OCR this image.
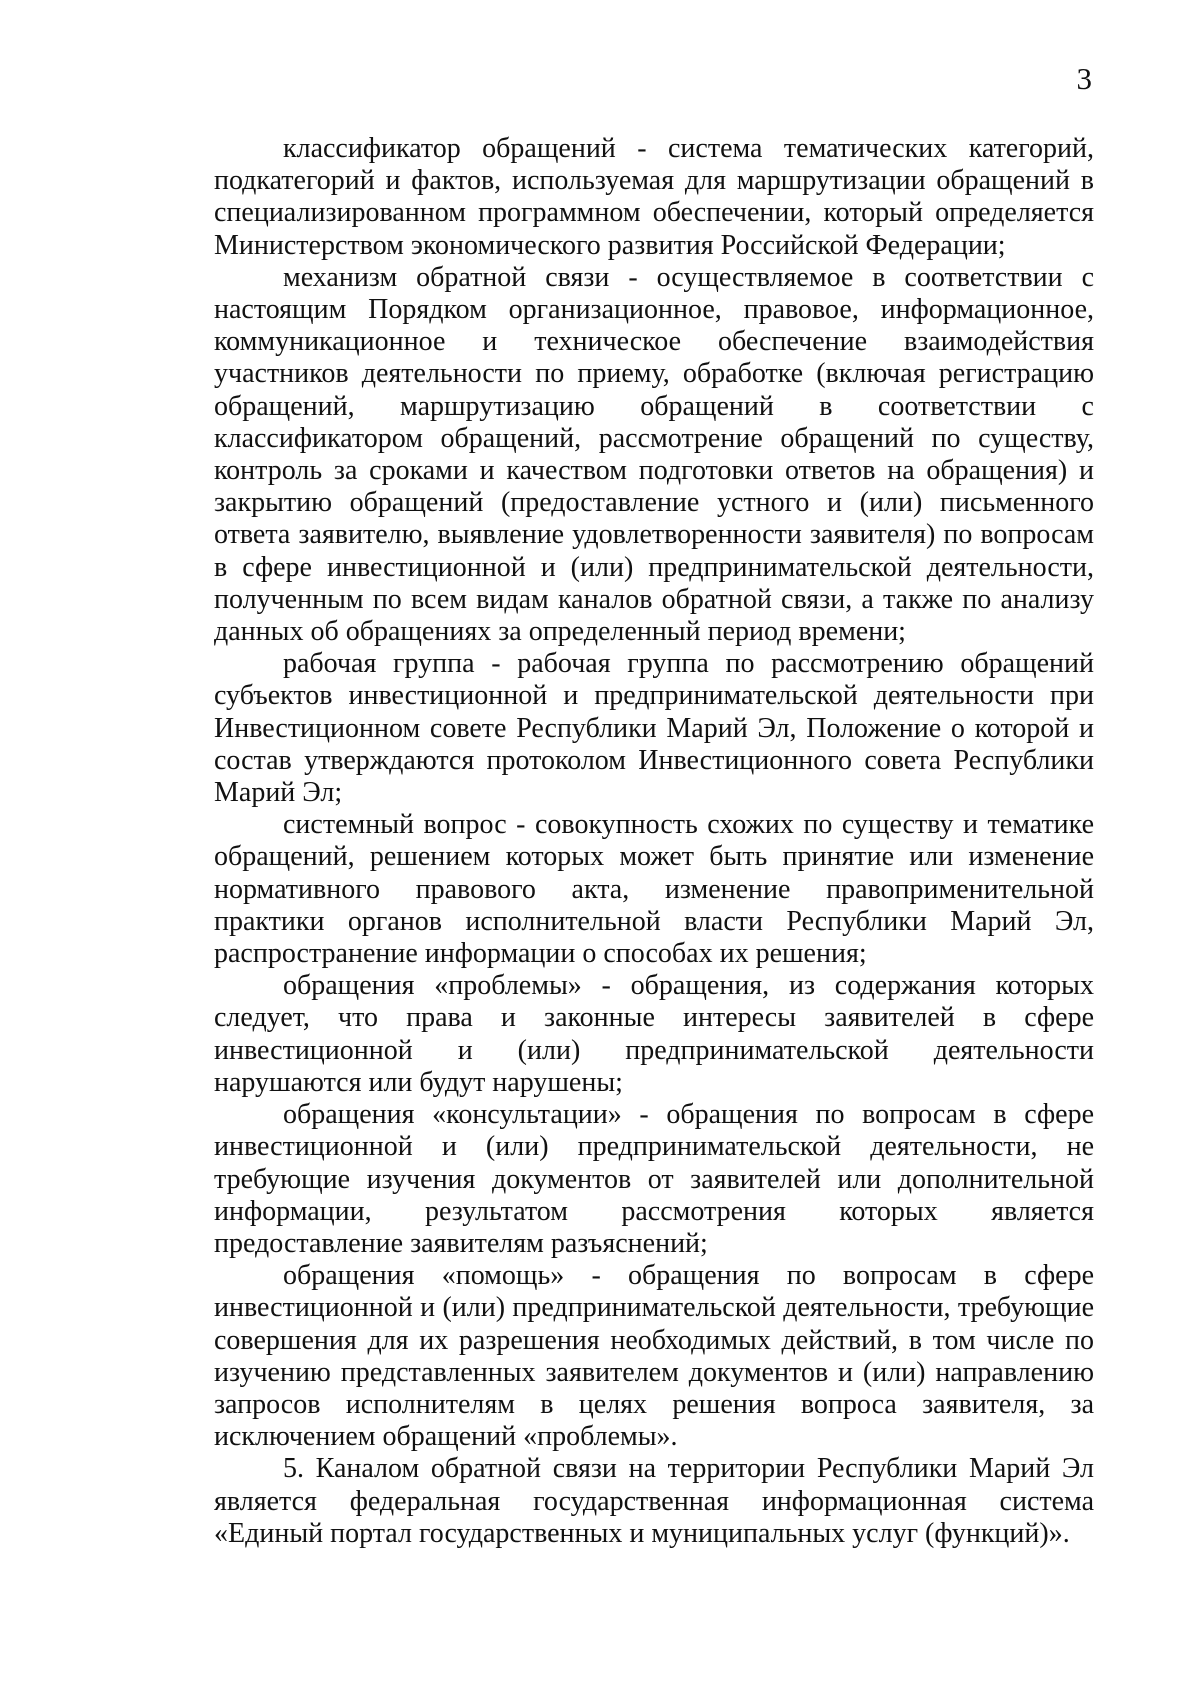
3

классификатор обращений - система тематических категорий, подкатегорий и фактов, используемая для маршрутизации обращений в специализированном программном обеспечении, который определяется Министерством экономического развития Российской Федерации;

механизм обратной связи - осуществляемое в соответствии с настоящим Порядком организационное, правовое, информационное, коммуникационное и техническое обеспечение взаимодействия участников деятельности по приему, обработке (включая регистрацию обращений, маршрутизацию обращений в соответствии с классификатором обращений, рассмотрение обращений по существу, контроль за сроками и качеством подготовки ответов на обращения) и закрытию обращений (предоставление устного и (или) письменного ответа заявителю, выявление удовлетворенности заявителя) по вопросам в сфере инвестиционной и (или) предпринимательской деятельности, полученным по всем видам каналов обратной связи, а также по анализу данных об обращениях за определенный период времени;

рабочая группа - рабочая группа по рассмотрению обращений субъектов инвестиционной и предпринимательской деятельности при Инвестиционном совете Республики Марий Эл, Положение о которой и состав утверждаются протоколом Инвестиционного совета Республики Марий Эл;

системный вопрос - совокупность схожих по существу и тематике обращений, решением которых может быть принятие или изменение нормативного правового акта, изменение правоприменительной практики органов исполнительной власти Республики Марий Эл, распространение информации о способах их решения;

обращения «проблемы» - обращения, из содержания которых следует, что права и законные интересы заявителей в сфере инвестиционной и (или) предпринимательской деятельности нарушаются или будут нарушены;

обращения «консультации» - обращения по вопросам в сфере инвестиционной и (или) предпринимательской деятельности, не требующие изучения документов от заявителей или дополнительной информации, результатом рассмотрения которых является предоставление заявителям разъяснений;

обращения «помощь» - обращения по вопросам в сфере инвестиционной и (или) предпринимательской деятельности, требующие совершения для их разрешения необходимых действий, в том числе по изучению представленных заявителем документов и (или) направлению запросов исполнителям в целях решения вопроса заявителя, за исключением обращений «проблемы».

5. Каналом обратной связи на территории Республики Марий Эл является федеральная государственная информационная система «Единый портал государственных и муниципальных услуг (функций)».
